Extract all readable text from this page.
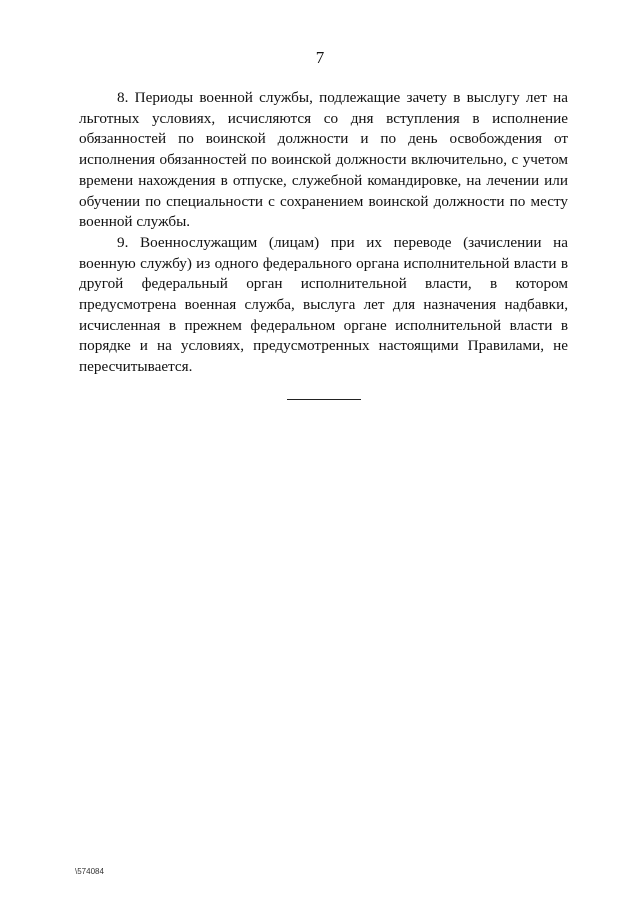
7

8. Периоды военной службы, подлежащие зачету в выслугу лет на льготных условиях, исчисляются со дня вступления в исполнение обязанностей по воинской должности и по день освобождения от исполнения обязанностей по воинской должности включительно, с учетом времени нахождения в отпуске, служебной командировке, на лечении или обучении по специальности с сохранением воинской должности по месту военной службы.

9. Военнослужащим (лицам) при их переводе (зачислении на военную службу) из одного федерального органа исполнительной власти в другой федеральный орган исполнительной власти, в котором предусмотрена военная служба, выслуга лет для назначения надбавки, исчисленная в прежнем федеральном органе исполнительной власти в порядке и на условиях, предусмотренных настоящими Правилами, не пересчитывается.

\574084
